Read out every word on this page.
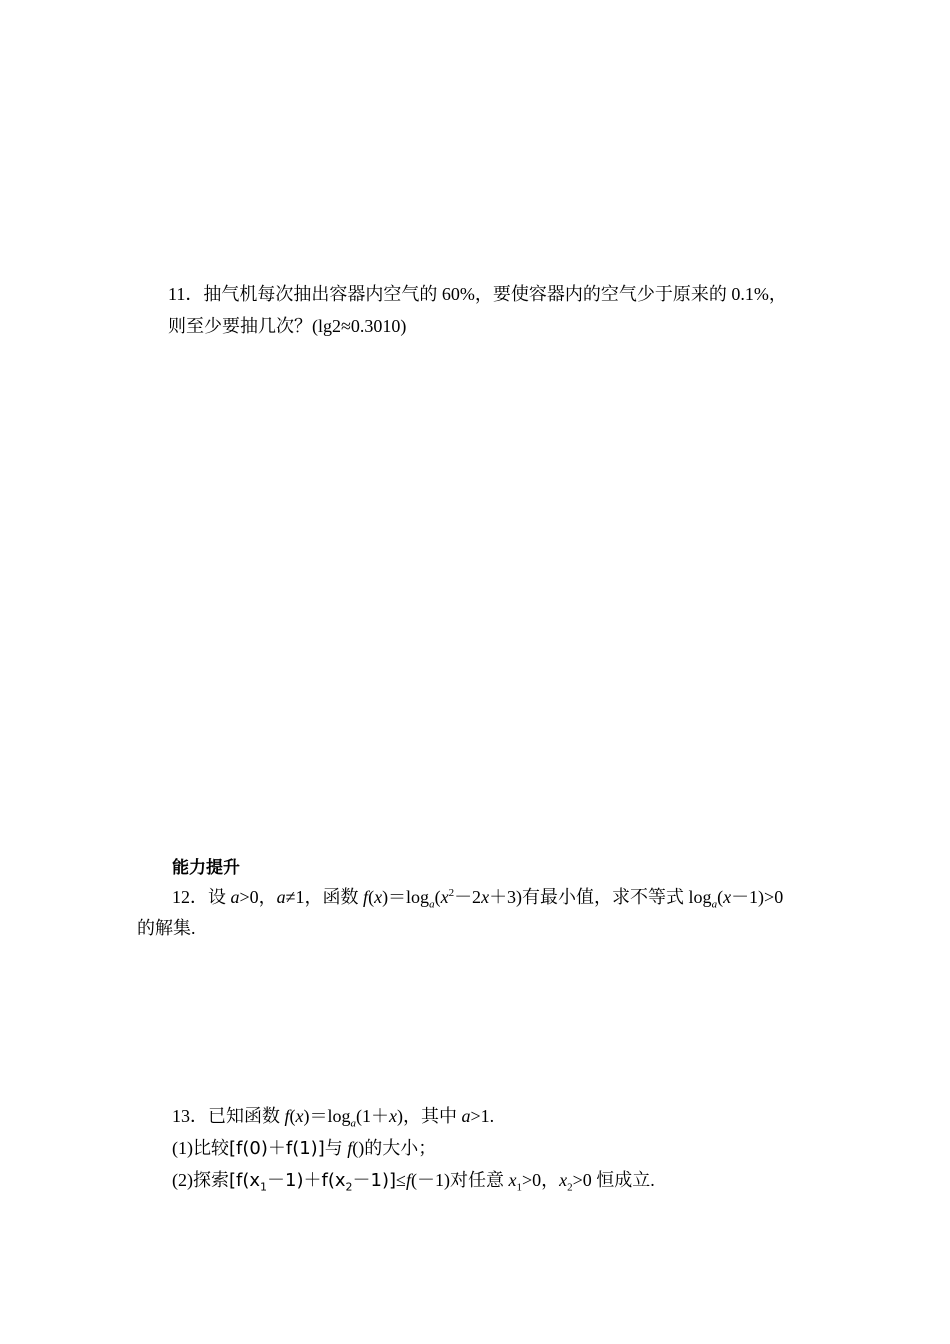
11．抽气机每次抽出容器内空气的 60%，要使容器内的空气少于原来的 0.1%，
则至少要抽几次？(lg2≈0.3010)
能力提升
12．设 a>0，a≠1，函数 $f(x)=\log_a(x^2-2x+3)$有最小值，求不等式 $\log_a(x-1)>0$
的解集.
13．已知函数 $f(x)=\log_a(1+x)$，其中 a>1.
(1)比较[f(0)＋f(1)]与 f()的大小；
(2)探索$[f(x_1-1)+f(x_2-1)]\le f(-1)$对任意 $x_1>0$，$x_2>0$ 恒成立.
